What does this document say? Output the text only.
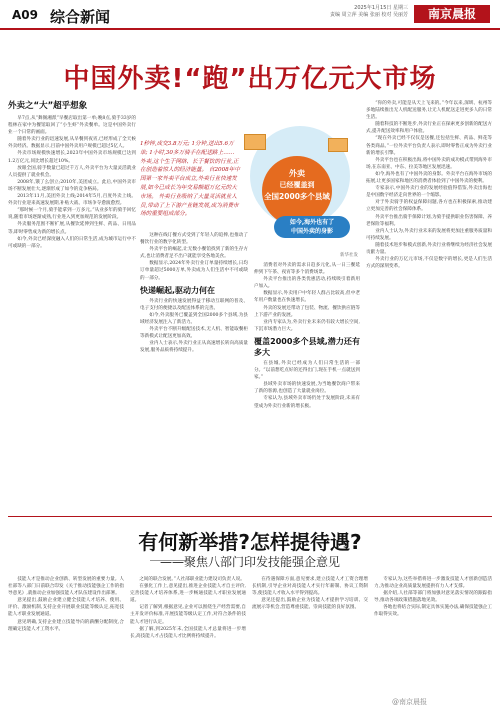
A09 综合新闻	2025年1月15日 星期三
责编 周立萍 美编 张丽 校对 吴丽芳	南京晨报
中国外卖!“跑”出万亿元大市场
外卖之“大”超乎想象

早7点,从“舞阁湘派”早餐店取出第一单;晚8点,骑手33岁的程林在家中为餐馆取回了“小生虾”外卖餐单。这是中国外卖行业一个日常的画面。

随着外卖行业的迅速发展,从早餐到夜宵,已经形成了全天候外卖经济。数据显示,目前中国外卖用户规模已超过5亿人。

外卖市场规模快速增长,2023年中国外卖市场规模已达到1.2万亿元,同比增长超过10%。

放眼全国,骑手数量已超过千万人,外卖平台为大量灵活就业人员提供了就业机会。

2008年,饿了么创立;2010年,美团成立。此后,中国外卖市场不断发展壮大,逐渐形成了如今的竞争格局。

2013年11月,美团外卖上线;2014年5月,百度外卖上线。外卖行业迎来高速发展期,补贴大战、市场争夺愈演愈烈。

“那时候一个月,骑手能拿到一万多元。”从业多年的骑手回忆说,随着市场逐渐成熟,行业进入到更加规范的发展阶段。

外卖服务范围不断扩展,从餐饮延伸到生鲜、药品、日用品等,即时零售成为新的增长点。

如今,外卖已经深度融入人们的日常生活,成为城市运行中不可或缺的一部分。

1秒钟,成交3.8万元; 1分钟,送出5.6万单; 1小时,30多万骑手在配送路上…… 外卖,这个生于网络、长于餐饮的行业,正在创造着惊人的经济能量。 自2008年中国第一家外卖平台成立,外卖行业快速发展,如今已成长为年交易额超万亿元的大市场。 外卖行业吸纳了大量灵活就业人员,带动了上下游产业链发展,成为消费市场的重要组成部分。
外卖
已经覆盖到
全国2000多个县域
如今,海外也有了
中国外卖的身影
新华社发

这种在线订餐方式受到了年轻人的追捧,也推动了餐饮行业的数字化转型。

外卖平台的崛起,让无数小餐馆找到了新的生存方式,也让消费者足不出户就能享受各地美食。

数据显示,2024年外卖行业订单量持续增长,日均订单量超过5000万单,外卖成为人们生活中不可或缺的一部分。

快递崛起,驱动力何在

外卖行业的快速发展得益于移动互联网的普及、电子支付的便捷以及配送体系的完善。

如今,外卖服务已覆盖到全国2000多个县域,为县域经济发展注入了新活力。

外卖平台不断升级配送技术,无人机、智能取餐柜等新模式让配送更加高效。

业内人士表示,外卖行业正从高速增长转向高质量发展,服务品质将持续提升。

消费者对外卖的需求日趋多元化,从一日三餐延伸到下午茶、夜宵等多个消费场景。

外卖平台推出的各类优惠活动,持续吸引着新用户加入。

数据显示,外卖用户中年轻人群占比较高,但中老年用户数量也在快速增长。

外卖的发展还带动了包装、物流、餐饮供应链等上下游产业的发展。

业内专家认为,外卖行业未来仍有较大增长空间,下沉市场潜力巨大。

覆盖2000多个县域,潜力还有多大

在县城,外卖已经成为人们日常生活的一部分。“以前想吃点好的还得出门,现在手机一点就送到家。”

县域外卖市场的快速发展,为当地餐饮商户带来了新的客源,也创造了大量就业岗位。

专家认为,县域外卖市场仍处于发展阶段,未来有望成为外卖行业新的增长极。

“你的外卖,可能是从天上飞来的。”今年以来,深圳、杭州等多地陆续推出无人机配送服务,让无人机配送走进更多人的日常生活。

随着科技的不断进步,外卖行业正在探索更多创新的配送方式,提升配送效率和用户体验。

“现在外卖已经不仅仅是送餐,还包括生鲜、药品、鲜花等各类商品。”一位外卖平台负责人表示,即时零售正成为外卖行业新的增长引擎。

外卖平台也在积极出海,将中国外卖的成功模式带到海外市场,在东南亚、中东、拉美等地区发展迅速。

如今,海外也有了中国外卖的身影。外卖平台在海外市场的拓展,让更多国家和地区的消费者体验到了中国外卖的便利。

专家表示,中国外卖行业的发展经验值得借鉴,外卖出海也是中国数字经济走向世界的一个缩影。

对于外卖骑手的权益保障问题,各方也在积极探索,推动建立更加完善的社会保障体系。

外卖平台推出骑手保障计划,为骑手提供职业伤害保障、养老保险等福利。

业内人士认为,外卖行业未来的发展将更加注重服务质量和可持续发展。

随着技术进步和模式创新,外卖行业将继续为经济社会发展贡献力量。

外卖行业的万亿元市场,不仅是数字的增长,更是人们生活方式的深刻变革。

有何新举措?怎样提待遇?
——聚焦八部门印发技能强企意见

技能人才是推动企业创新、转型发展的重要力量。人社部等八部门日前联合印发《关于推动技能强企工作的指导意见》,就推动企业加强技能人才队伍建设作出部署。

意见提出,鼓励企业建立健全技能人才培养、使用、评价、激励机制,支持企业开展职业技能等级认定,拓宽技能人才职业发展通道。

意见明确,支持企业建立技能导向的薪酬分配制度,合理确定技能人才工资水平。

之间的联合发展。”人社部职业能力建设司负责人说。

在强化工作上,意见提出,推进企业技能人才自主评价,完善技能人才培养体系,进一步畅通技能人才职业发展通道。

记者了解到,根据意见,企业可以围绕生产经营需要,自主开发评价标准,开展技能等级认定工作,对符合条件的技能人才进行认定。

据了解,到2025年末,全国技能人才总量将进一步增长,高技能人才占技能人才比例将持续提升。

在待遇保障方面,意见要求,建立技能人才工资合理增长机制,引导企业对高技能人才实行年薪制、协议工资制等,使技能人才收入水平得到提高。

意见还提出,鼓励企业为技能人才提供学习培训、交流展示等机会,营造尊重技能、崇尚技能的良好氛围。

专家认为,这些举措将进一步激发技能人才创新创造活力,为推动企业高质量发展提供有力人才支撑。

据介绍,人社部等部门将加强对意见落实情况的跟踪指导,推动各项政策措施落地见效。

各地也将结合实际,制定具体实施办法,确保技能强企工作取得实效。

@南京晨报
